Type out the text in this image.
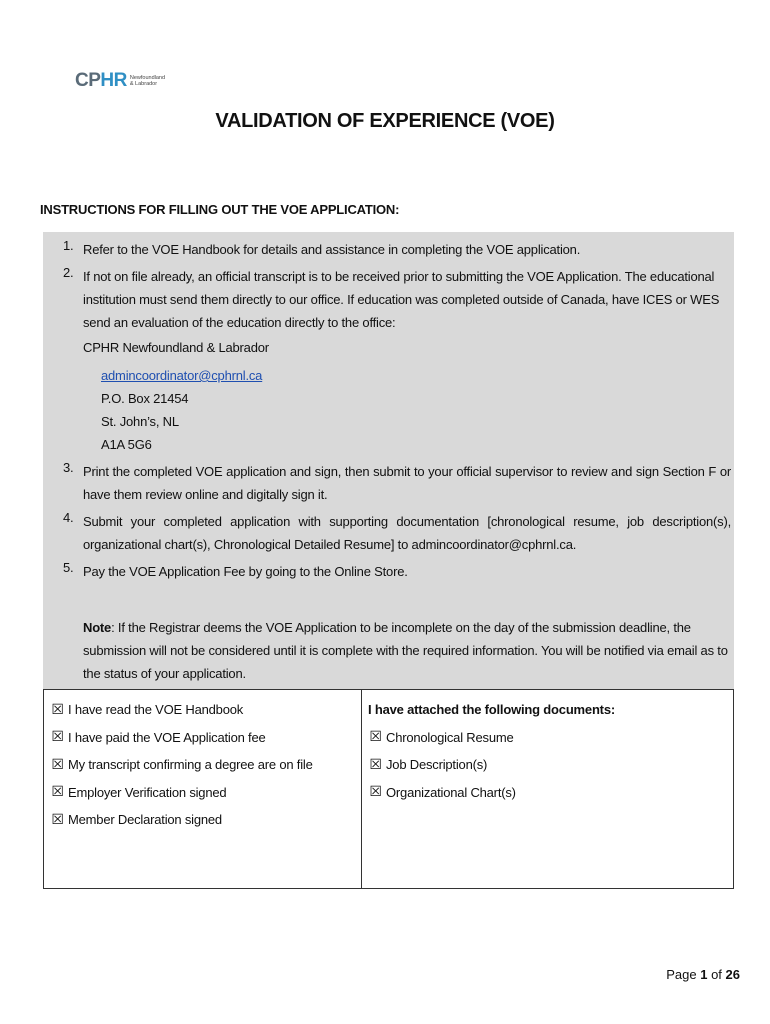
CPHR Newfoundland
& Labrador
VALIDATION OF EXPERIENCE (VOE)
INSTRUCTIONS FOR FILLING OUT THE VOE APPLICATION:
1. Refer to the VOE Handbook for details and assistance in completing the VOE application.
2. If not on file already, an official transcript is to be received prior to submitting the VOE Application. The educational institution must send them directly to our office. If education was completed outside of Canada, have ICES or WES send an evaluation of the education directly to the office:
CPHR Newfoundland & Labrador
admincoordinator@cphrnl.ca
P.O. Box 21454
St. John’s, NL
A1A 5G6
3. Print the completed VOE application and sign, then submit to your official supervisor to review and sign Section F or have them review online and digitally sign it.
4. Submit your completed application with supporting documentation [chronological resume, job description(s), organizational chart(s), Chronological Detailed Resume] to admincoordinator@cphrnl.ca.
5. Pay the VOE Application Fee by going to the Online Store.
Note: If the Registrar deems the VOE Application to be incomplete on the day of the submission deadline, the submission will not be considered until it is complete with the required information. You will be notified via email as to the status of your application.
☒ I have read the VOE Handbook
☒ I have paid the VOE Application fee
☒ My transcript confirming a degree are on file
☒ Employer Verification signed
☒ Member Declaration signed
I have attached the following documents:
☒ Chronological Resume
☒ Job Description(s)
☒ Organizational Chart(s)
Page 1 of 26
